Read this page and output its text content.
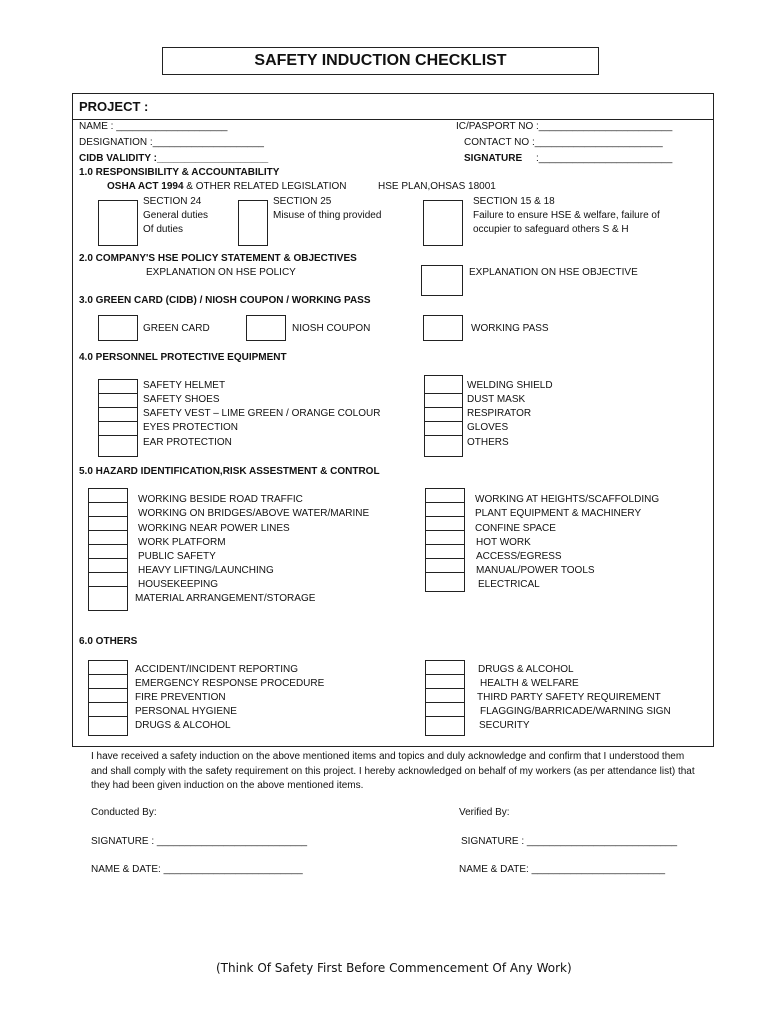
SAFETY INDUCTION CHECKLIST
PROJECT :
NAME : ____________________	IC/PASPORT NO :________________________
DESIGNATION :____________________	CONTACT NO :_______________________
CIDB VALIDITY :____________________	SIGNATURE :________________________
1.0 RESPONSIBILITY & ACCOUNTABILITY
OSHA ACT 1994 & OTHER RELATED LEGISLATION	HSE PLAN,OHSAS 18001
SECTION 24
General duties
Of duties
SECTION 25
Misuse of thing provided
SECTION 15 & 18
Failure to ensure HSE & welfare, failure of
occupier to safeguard others S & H
2.0 COMPANY'S HSE POLICY STATEMENT & OBJECTIVES
EXPLANATION ON HSE POLICY	EXPLANATION ON HSE OBJECTIVE
3.0 GREEN CARD (CIDB) / NIOSH COUPON / WORKING PASS
GREEN CARD	NIOSH COUPON	WORKING PASS
4.0 PERSONNEL PROTECTIVE EQUIPMENT
SAFETY HELMET
SAFETY SHOES
SAFETY VEST – LIME GREEN / ORANGE COLOUR
EYES PROTECTION
EAR PROTECTION
WELDING SHIELD
DUST MASK
RESPIRATOR
GLOVES
OTHERS
5.0 HAZARD IDENTIFICATION,RISK ASSESTMENT & CONTROL
WORKING BESIDE ROAD TRAFFIC
WORKING ON BRIDGES/ABOVE WATER/MARINE
WORKING NEAR POWER LINES
WORK PLATFORM
PUBLIC SAFETY
HEAVY LIFTING/LAUNCHING
HOUSEKEEPING
MATERIAL ARRANGEMENT/STORAGE
WORKING AT HEIGHTS/SCAFFOLDING
PLANT EQUIPMENT & MACHINERY
CONFINE SPACE
HOT WORK
ACCESS/EGRESS
MANUAL/POWER TOOLS
ELECTRICAL
6.0 OTHERS
ACCIDENT/INCIDENT REPORTING
EMERGENCY RESPONSE PROCEDURE
FIRE PREVENTION
PERSONAL HYGIENE
DRUGS & ALCOHOL
DRUGS & ALCOHOL
HEALTH & WELFARE
THIRD PARTY SAFETY REQUIREMENT
FLAGGING/BARRICADE/WARNING SIGN
SECURITY
I have received a safety induction on the above mentioned items and topics and duly acknowledge and confirm that I understood them and shall comply with the safety requirement on this project. I hereby acknowledged on behalf of my workers (as per attendance list) that they had been given induction on the above mentioned items.
Conducted By:	Verified By:
SIGNATURE : ___________________________	SIGNATURE : ___________________________
NAME & DATE: _________________________	NAME & DATE: ________________________
(Think Of Safety First Before Commencement Of Any Work)
